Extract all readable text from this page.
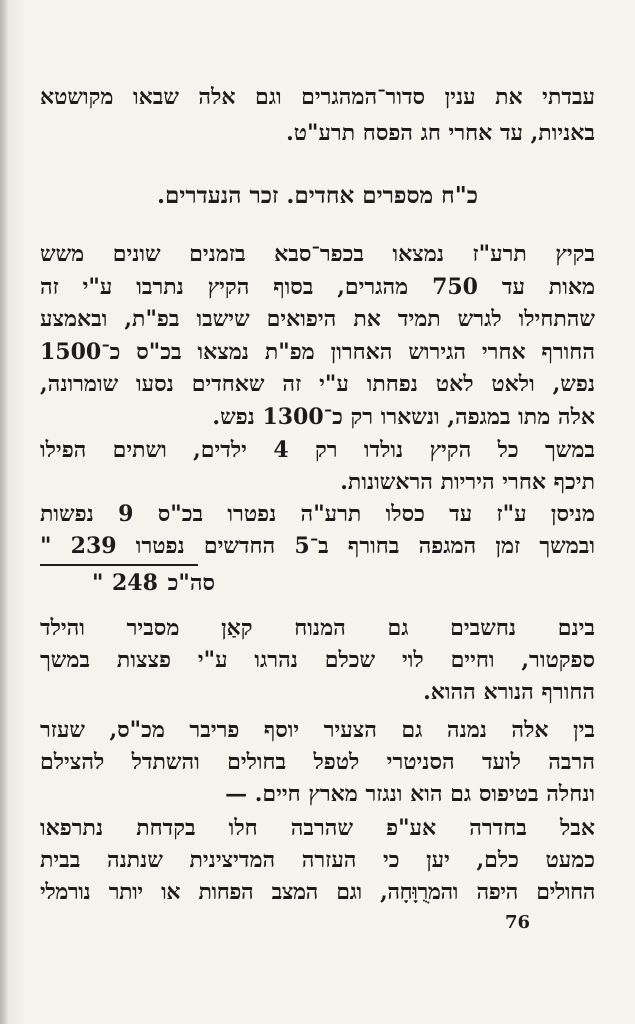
עבדתי את ענין סדור־המהגרים וגם אלה שבאו מקושטא
באניות, עד אחרי חג הפסח תרע"ט.
כ"ח מספרים אחדים. זכר הנעדרים.
בקיץ תרע"ז נמצאו בכפר־סבא בזמנים שונים משש
מאות עד 750 מהגרים, בסוף הקיץ נתרבו ע"י זה
שהתחילו לגרש תמיד את היפואים שישבו בפ"ת, ובאמצע
החורף אחרי הגירוש האחרון מפ"ת נמצאו בכ"ס כ־1500
נפש, ולאט לאט נפחתו ע"י זה שאחדים נסעו שומרונה,
אלה מתו במגפה, ונשארו רק כ־1300 נפש.
במשך כל הקיץ נולדו רק 4 ילדים, ושתים הפילו
תיכף אחרי היריות הראשונות.
מניסן ע"ז עד כסלו תרע"ה נפטרו בכ"ס 9 נפשות
ובמשך זמן המגפה בחורף ב־5 החדשים נפטרו 239 "
סה"כ
248
"
בינם נחשבים גם המנוח קאַן מסביר והילד
ספקטור, וחיים לוי שכלם נהרגו ע"י פצצות במשך
החורף הנורא ההוא.
בין אלה נמנה גם הצעיר יוסף פריבר מכ"ס, שעזר
הרבה לועד הסניטרי לטפל בחולים והשתדל להצילם
ונחלה בטיפוס גם הוא ונגזר מארץ חיים. —
אבל בחדרה אע"פ שהרבה חלו בקדחת נתרפאו
כמעט כלם, יען כי העזרה המדיצינית שנתנה בבית
החולים היפה והמרֻוָּחָה, וגם המצב הפחות או יותר נורמלי
76
